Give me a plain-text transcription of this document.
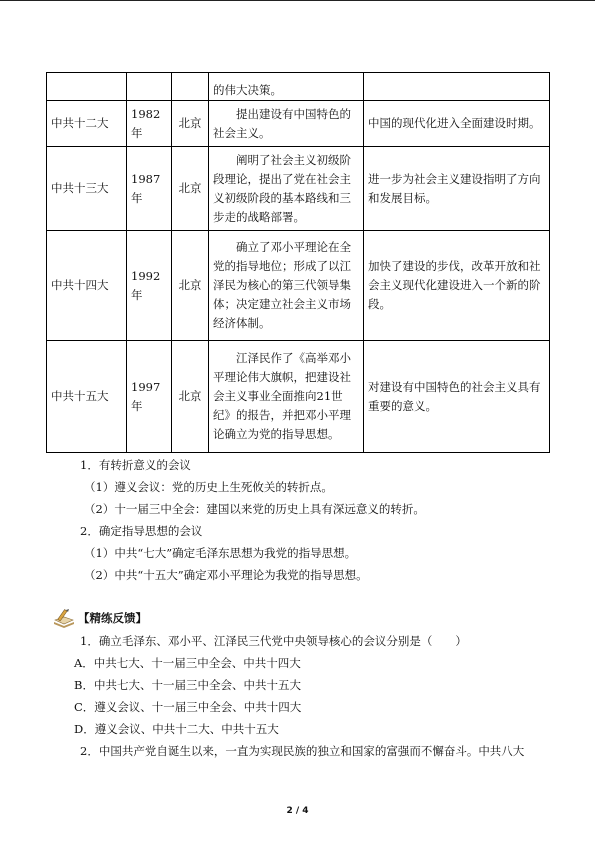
			的伟大决策。	

中共十二大	1982年	北京	提出建设有中国特色的社会主义。	中国的现代化进入全面建设时期。

中共十三大	1987年	北京	阐明了社会主义初级阶段理论，提出了党在社会主义初级阶段的基本路线和三步走的战略部署。	进一步为社会主义建设指明了方向和发展目标。

中共十四大	1992年	北京	确立了邓小平理论在全党的指导地位；形成了以江泽民为核心的第三代领导集体；决定建立社会主义市场经济体制。	加快了建设的步伐，改革开放和社会主义现代化建设进入一个新的阶段。

中共十五大	1997年	北京	江泽民作了《高举邓小平理论伟大旗帜，把建设社会主义事业全面推向21世纪》的报告，并把邓小平理论确立为党的指导思想。	对建设有中国特色的社会主义具有重要的意义。
1．有转折意义的会议
（1）遵义会议：党的历史上生死攸关的转折点。
（2）十一届三中全会：建国以来党的历史上具有深远意义的转折。
2．确定指导思想的会议
（1）中共“七大”确定毛泽东思想为我党的指导思想。
（2）中共“十五大”确定邓小平理论为我党的指导思想。
【精练反馈】
1．确立毛泽东、邓小平、江泽民三代党中央领导核心的会议分别是（　　）
A．中共七大、十一届三中全会、中共十四大
B．中共七大、十一届三中全会、中共十五大
C．遵义会议、十一届三中全会、中共十四大
D．遵义会议、中共十二大、中共十五大
2．中国共产党自诞生以来，一直为实现民族的独立和国家的富强而不懈奋斗。中共八大
2 / 4
